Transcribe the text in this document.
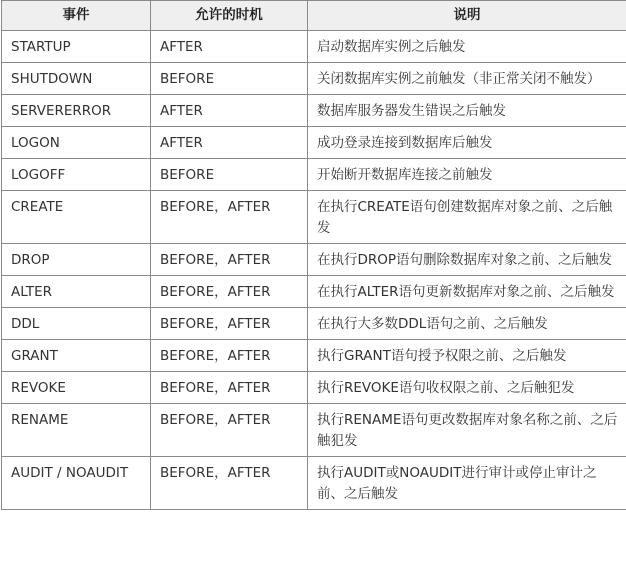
事件	允许的时机	说明
STARTUP	AFTER	启动数据库实例之后触发
SHUTDOWN	BEFORE	关闭数据库实例之前触发（非正常关闭不触发）
SERVERERROR	AFTER	数据库服务器发生错误之后触发
LOGON	AFTER	成功登录连接到数据库后触发
LOGOFF	BEFORE	开始断开数据库连接之前触发
CREATE	BEFORE，AFTER	在执行CREATE语句创建数据库对象之前、之后触发
DROP	BEFORE，AFTER	在执行DROP语句删除数据库对象之前、之后触发
ALTER	BEFORE，AFTER	在执行ALTER语句更新数据库对象之前、之后触发
DDL	BEFORE，AFTER	在执行大多数DDL语句之前、之后触发
GRANT	BEFORE，AFTER	执行GRANT语句授予权限之前、之后触发
REVOKE	BEFORE，AFTER	执行REVOKE语句收权限之前、之后触犯发
RENAME	BEFORE，AFTER	执行RENAME语句更改数据库对象名称之前、之后触犯发
AUDIT / NOAUDIT	BEFORE，AFTER	执行AUDIT或NOAUDIT进行审计或停止审计之前、之后触发
